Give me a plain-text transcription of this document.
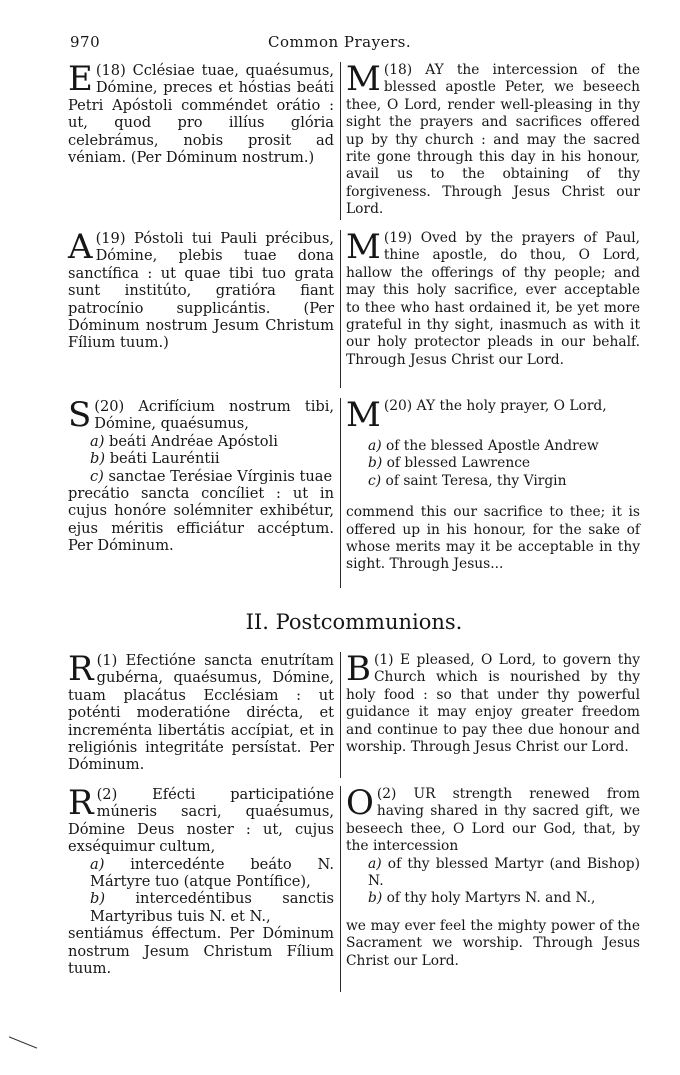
970	Common Prayers.

(18)
E	Cclésiae tuae, quaésumus, Dómine, preces et hóstias beáti Petri Apóstoli comméndet orátio : ut, quod pro illíus glória celebrámus, nobis prosit ad véniam. (Per Dóminum nostrum.)

(18)
M	AY the intercession of the blessed apostle Peter, we beseech thee, O Lord, render well-pleasing in thy sight the prayers and sacrifices offered up by thy church : and may the sacred rite gone through this day in his honour, avail us to the obtaining of thy forgiveness. Through Jesus Christ our Lord.

(19)
A	Póstoli tui Pauli précibus, Dómine, plebis tuae dona sanctífica : ut quae tibi tuo grata sunt institúto, gratióra fiant patrocínio supplicántis. (Per Dóminum nostrum Jesum Christum Fílium tuum.)

(19)
M	Oved by the prayers of Paul, thine apostle, do thou, O Lord, hallow the offerings of thy people; and may this holy sacrifice, ever acceptable to thee who hast ordained it, be yet more grateful in thy sight, inasmuch as with it our holy protector pleads in our behalf. Through Jesus Christ our Lord.

(20)
S	Acrifícium nostrum tibi, Dómine, quaésumus,

a) beáti Andréae Apóstoli

b) beáti Lauréntii

c) sanctae Terésiae Vírginis tuae

precátio sancta concíliet : ut in cujus honóre solémniter exhibétur, ejus méritis efficiátur accéptum. Per Dóminum.

(20)
M	AY the holy prayer, O Lord,

a) of the blessed Apostle Andrew

b) of blessed Lawrence

c) of saint Teresa, thy Virgin

commend this our sacrifice to thee; it is offered up in his honour, for the sake of whose merits may it be acceptable in thy sight. Through Jesus...

II. Postcommunions.

(1)
R Efectióne sancta enutrítam gubérna, quaésumus, Dómine, tuam placátus Ecclésiam : ut poténti moderatióne dirécta, et increménta libertátis accípiat, et in religiónis integritáte persístat. Per Dóminum.

(1)
B E pleased, O Lord, to govern thy Church which is nourished by thy holy food : so that under thy powerful guidance it may enjoy greater freedom and continue to pay thee due honour and worship. Through Jesus Christ our Lord.

(2)
R	Efécti participatióne múneris sacri, quaésumus, Dómine Deus noster : ut, cujus exséquimur cultum,

a) intercedénte beáto N. Mártyre tuo (atque Pontífice),

b) intercedéntibus sanctis Martyribus tuis N. et N.,

sentiámus éffectum. Per Dóminum nostrum Jesum Christum Fílium tuum.

(2)
O	UR strength renewed from having shared in thy sacred gift, we beseech thee, O Lord our God, that, by the intercession

a) of thy blessed Martyr (and Bishop) N.

b) of thy holy Martyrs N. and N.,

we may ever feel the mighty power of the Sacrament we worship. Through Jesus Christ our Lord.
